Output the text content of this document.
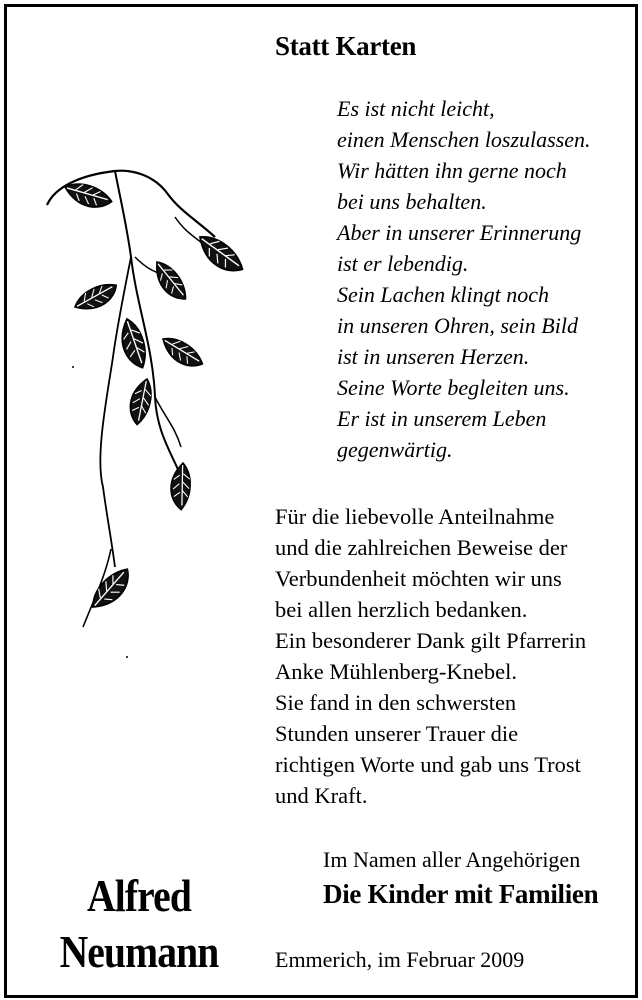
Statt Karten
Es ist nicht leicht,
einen Menschen loszulassen.
Wir hätten ihn gerne noch
bei uns behalten.
Aber in unserer Erinnerung
ist er lebendig.
Sein Lachen klingt noch
in unseren Ohren, sein Bild
ist in unseren Herzen.
Seine Worte begleiten uns.
Er ist in unserem Leben
gegenwärtig.
Für die liebevolle Anteilnahme
und die zahlreichen Beweise der
Verbundenheit möchten wir uns
bei allen herzlich bedanken.
Ein besonderer Dank gilt Pfarrerin
Anke Mühlenberg-Knebel.
Sie fand in den schwersten
Stunden unserer Trauer die
richtigen Worte und gab uns Trost
und Kraft.
Im Namen aller Angehörigen
Die Kinder mit Familien
Emmerich, im Februar 2009
Alfred
Neumann
